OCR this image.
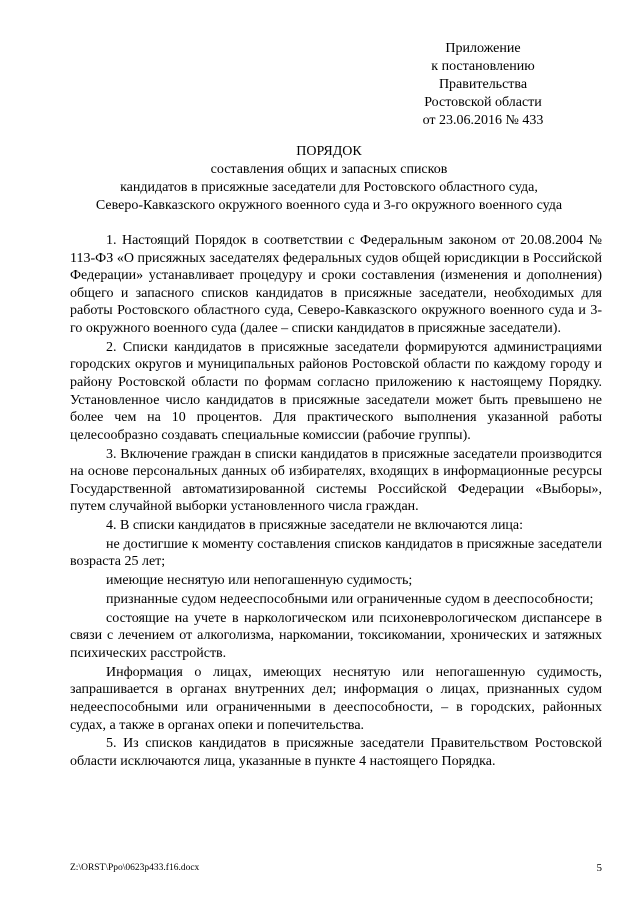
Приложение
к постановлению
Правительства
Ростовской области
от 23.06.2016 № 433
ПОРЯДОК
составления общих и запасных списков
кандидатов в присяжные заседатели для Ростовского областного суда,
Северо-Кавказского окружного военного суда и 3-го окружного военного суда

1. Настоящий Порядок в соответствии с Федеральным законом от 20.08.2004 № 113-ФЗ «О присяжных заседателях федеральных судов общей юрисдикции в Российской Федерации» устанавливает процедуру и сроки составления (изменения и дополнения) общего и запасного списков кандидатов в присяжные заседатели, необходимых для работы Ростовского областного суда, Северо-Кавказского окружного военного суда и 3-го окружного военного суда (далее – списки кандидатов в присяжные заседатели).

2. Списки кандидатов в присяжные заседатели формируются администрациями городских округов и муниципальных районов Ростовской области по каждому городу и району Ростовской области по формам согласно приложению к настоящему Порядку. Установленное число кандидатов в присяжные заседатели может быть превышено не более чем на 10 процентов. Для практического выполнения указанной работы целесообразно создавать специальные комиссии (рабочие группы).

3. Включение граждан в списки кандидатов в присяжные заседатели производится на основе персональных данных об избирателях, входящих в информационные ресурсы Государственной автоматизированной системы Российской Федерации «Выборы», путем случайной выборки установленного числа граждан.

4. В списки кандидатов в присяжные заседатели не включаются лица:

не достигшие к моменту составления списков кандидатов в присяжные заседатели возраста 25 лет;

имеющие неснятую или непогашенную судимость;

признанные судом недееспособными или ограниченные судом в дееспособности;

состоящие на учете в наркологическом или психоневрологическом диспансере в связи с лечением от алкоголизма, наркомании, токсикомании, хронических и затяжных психических расстройств.

Информация о лицах, имеющих неснятую или непогашенную судимость, запрашивается в органах внутренних дел; информация о лицах, признанных судом недееспособными или ограниченными в дееспособности, – в городских, районных судах, а также в органах опеки и попечительства.

5. Из списков кандидатов в присяжные заседатели Правительством Ростовской области исключаются лица, указанные в пункте 4 настоящего Порядка.

Z:\ORST\Ppo\0623p433.f16.docx	5
